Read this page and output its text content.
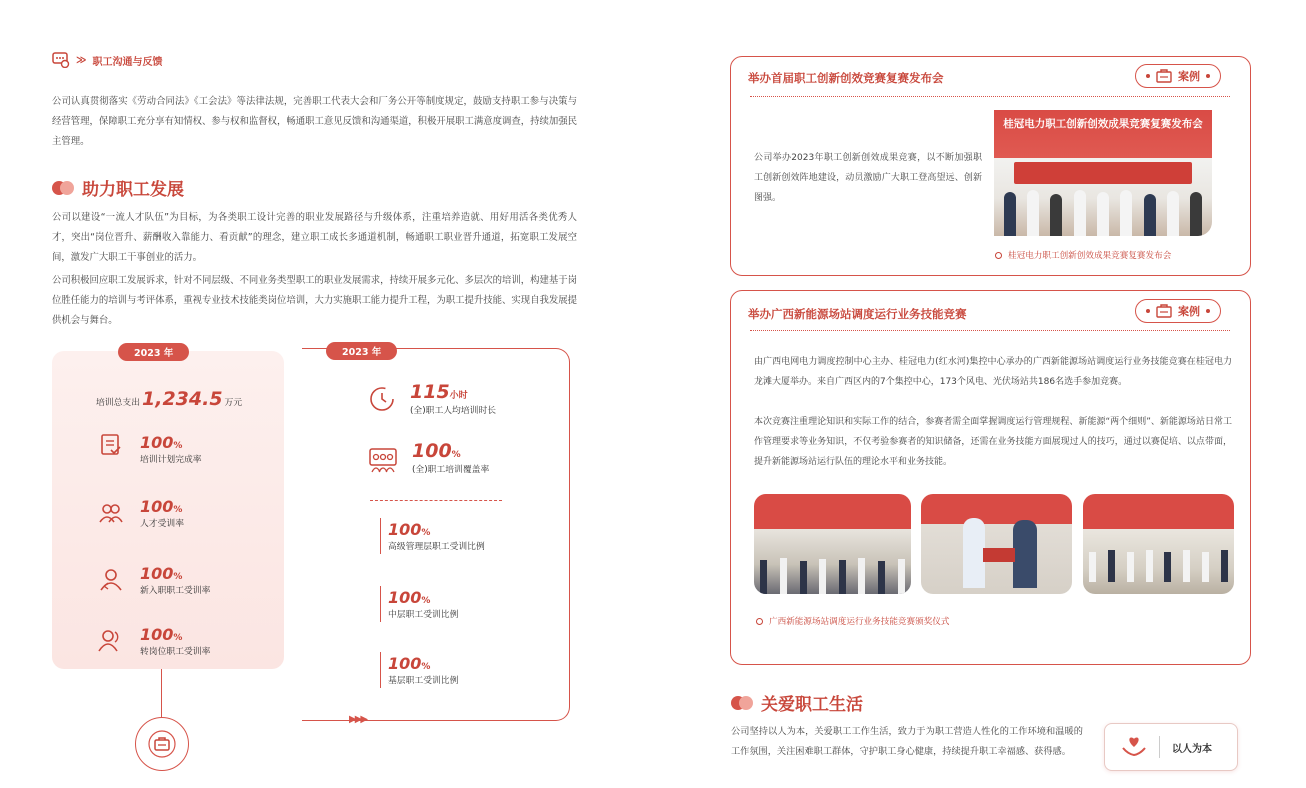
≫ 职工沟通与反馈

公司认真贯彻落实《劳动合同法》《工会法》等法律法规，完善职工代表大会和厂务公开等制度规定，鼓励支持职工参与决策与经营管理，保障职工充分享有知情权、参与权和监督权，畅通职工意见反馈和沟通渠道，积极开展职工满意度调查，持续加强民主管理。

助力职工发展

公司以建设“一流人才队伍”为目标，为各类职工设计完善的职业发展路径与升级体系，注重培养造就、用好用活各类优秀人才，突出“岗位晋升、薪酬收入靠能力、看贡献”的理念，建立职工成长多通道机制，畅通职工职业晋升通道，拓宽职工发展空间，激发广大职工干事创业的活力。

公司积极回应职工发展诉求，针对不同层级、不同业务类型职工的职业发展需求，持续开展多元化、多层次的培训，构建基于岗位胜任能力的培训与考评体系，重视专业技术技能类岗位培训，大力实施职工能力提升工程，为职工提升技能、实现自我发展提供机会与舞台。

2023 年
培训总支出 1,234.5 万元
100%
培训计划完成率
100%
人才受训率
100%
新入职职工受训率
100%
转岗位职工受训率
2023 年
115小时
(全)职工人均培训时长
100%
(全)职工培训覆盖率
100%
高级管理层职工受训比例
100%
中层职工受训比例
100%
基层职工受训比例
▶▶▶
举办首届职工创新创效竞赛复赛发布会	案例

公司举办2023年职工创新创效成果竞赛，以不断加强职工创新创效阵地建设，动员激励广大职工登高望远、创新图强。

桂冠电力职工创新创效成果竞赛复赛发布会
桂冠电力职工创新创效成果竞赛复赛发布会
举办广西新能源场站调度运行业务技能竞赛	案例

由广西电网电力调度控制中心主办、桂冠电力(红水河)集控中心承办的广西新能源场站调度运行业务技能竞赛在桂冠电力龙滩大厦举办。来自广西区内的7个集控中心，173个风电、光伏场站共186名选手参加竞赛。

本次竞赛注重理论知识和实际工作的结合，参赛者需全面掌握调度运行管理规程、新能源“两个细则”、新能源场站日常工作管理要求等业务知识，不仅考验参赛者的知识储备，还需在业务技能方面展现过人的技巧，通过以赛促培、以点带面，提升新能源场站运行队伍的理论水平和业务技能。

广西新能源场站调度运行业务技能竞赛颁奖仪式
关爱职工生活

公司坚持以人为本，关爱职工工作生活，致力于为职工营造人性化的工作环境和温暖的工作氛围，关注困难职工群体，守护职工身心健康，持续提升职工幸福感、获得感。	以人为本
